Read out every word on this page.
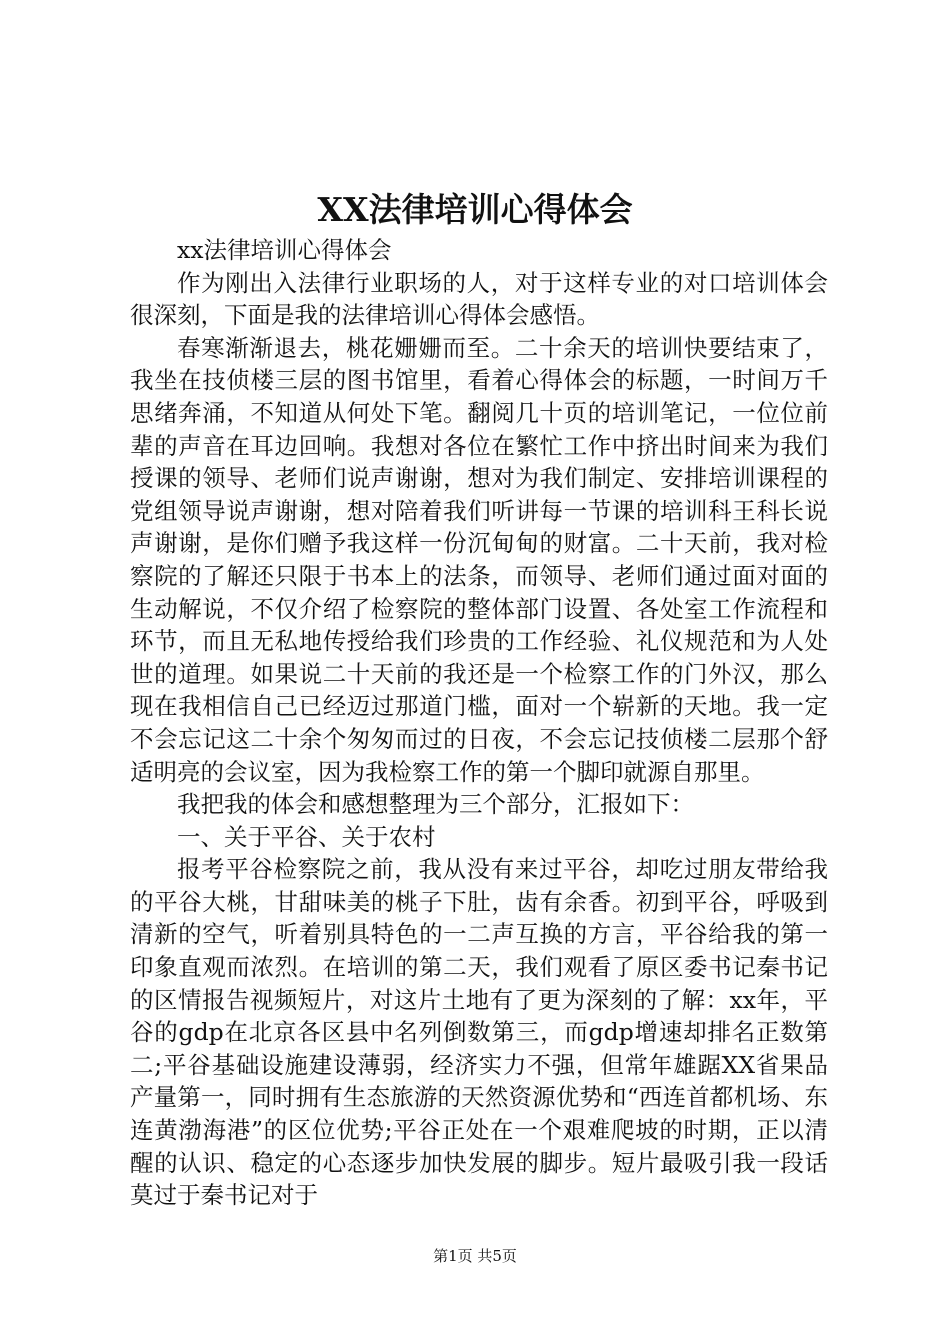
XX法律培训心得体会

xx法律培训心得体会

作为刚出入法律行业职场的人，对于这样专业的对口培训体会很深刻，下面是我的法律培训心得体会感悟。

春寒渐渐退去，桃花姗姗而至。二十余天的培训快要结束了，我坐在技侦楼三层的图书馆里，看着心得体会的标题，一时间万千思绪奔涌，不知道从何处下笔。翻阅几十页的培训笔记，一位位前辈的声音在耳边回响。我想对各位在繁忙工作中挤出时间来为我们授课的领导、老师们说声谢谢，想对为我们制定、安排培训课程的党组领导说声谢谢，想对陪着我们听讲每一节课的培训科王科长说声谢谢，是你们赠予我这样一份沉甸甸的财富。二十天前，我对检察院的了解还只限于书本上的法条，而领导、老师们通过面对面的生动解说，不仅介绍了检察院的整体部门设置、各处室工作流程和环节，而且无私地传授给我们珍贵的工作经验、礼仪规范和为人处世的道理。如果说二十天前的我还是一个检察工作的门外汉，那么现在我相信自己已经迈过那道门槛，面对一个崭新的天地。我一定不会忘记这二十余个匆匆而过的日夜，不会忘记技侦楼二层那个舒适明亮的会议室，因为我检察工作的第一个脚印就源自那里。

我把我的体会和感想整理为三个部分，汇报如下：

一、关于平谷、关于农村

报考平谷检察院之前，我从没有来过平谷，却吃过朋友带给我的平谷大桃，甘甜味美的桃子下肚，齿有余香。初到平谷，呼吸到清新的空气，听着别具特色的一二声互换的方言，平谷给我的第一印象直观而浓烈。在培训的第二天，我们观看了原区委书记秦书记的区情报告视频短片，对这片土地有了更为深刻的了解：xx年，平谷的gdp在北京各区县中名列倒数第三，而gdp增速却排名正数第二;平谷基础设施建设薄弱，经济实力不强，但常年雄踞XX省果品产量第一，同时拥有生态旅游的天然资源优势和“西连首都机场、东连黄渤海港”的区位优势;平谷正处在一个艰难爬坡的时期，正以清醒的认识、稳定的心态逐步加快发展的脚步。短片最吸引我一段话莫过于秦书记对于

第1页 共5页
